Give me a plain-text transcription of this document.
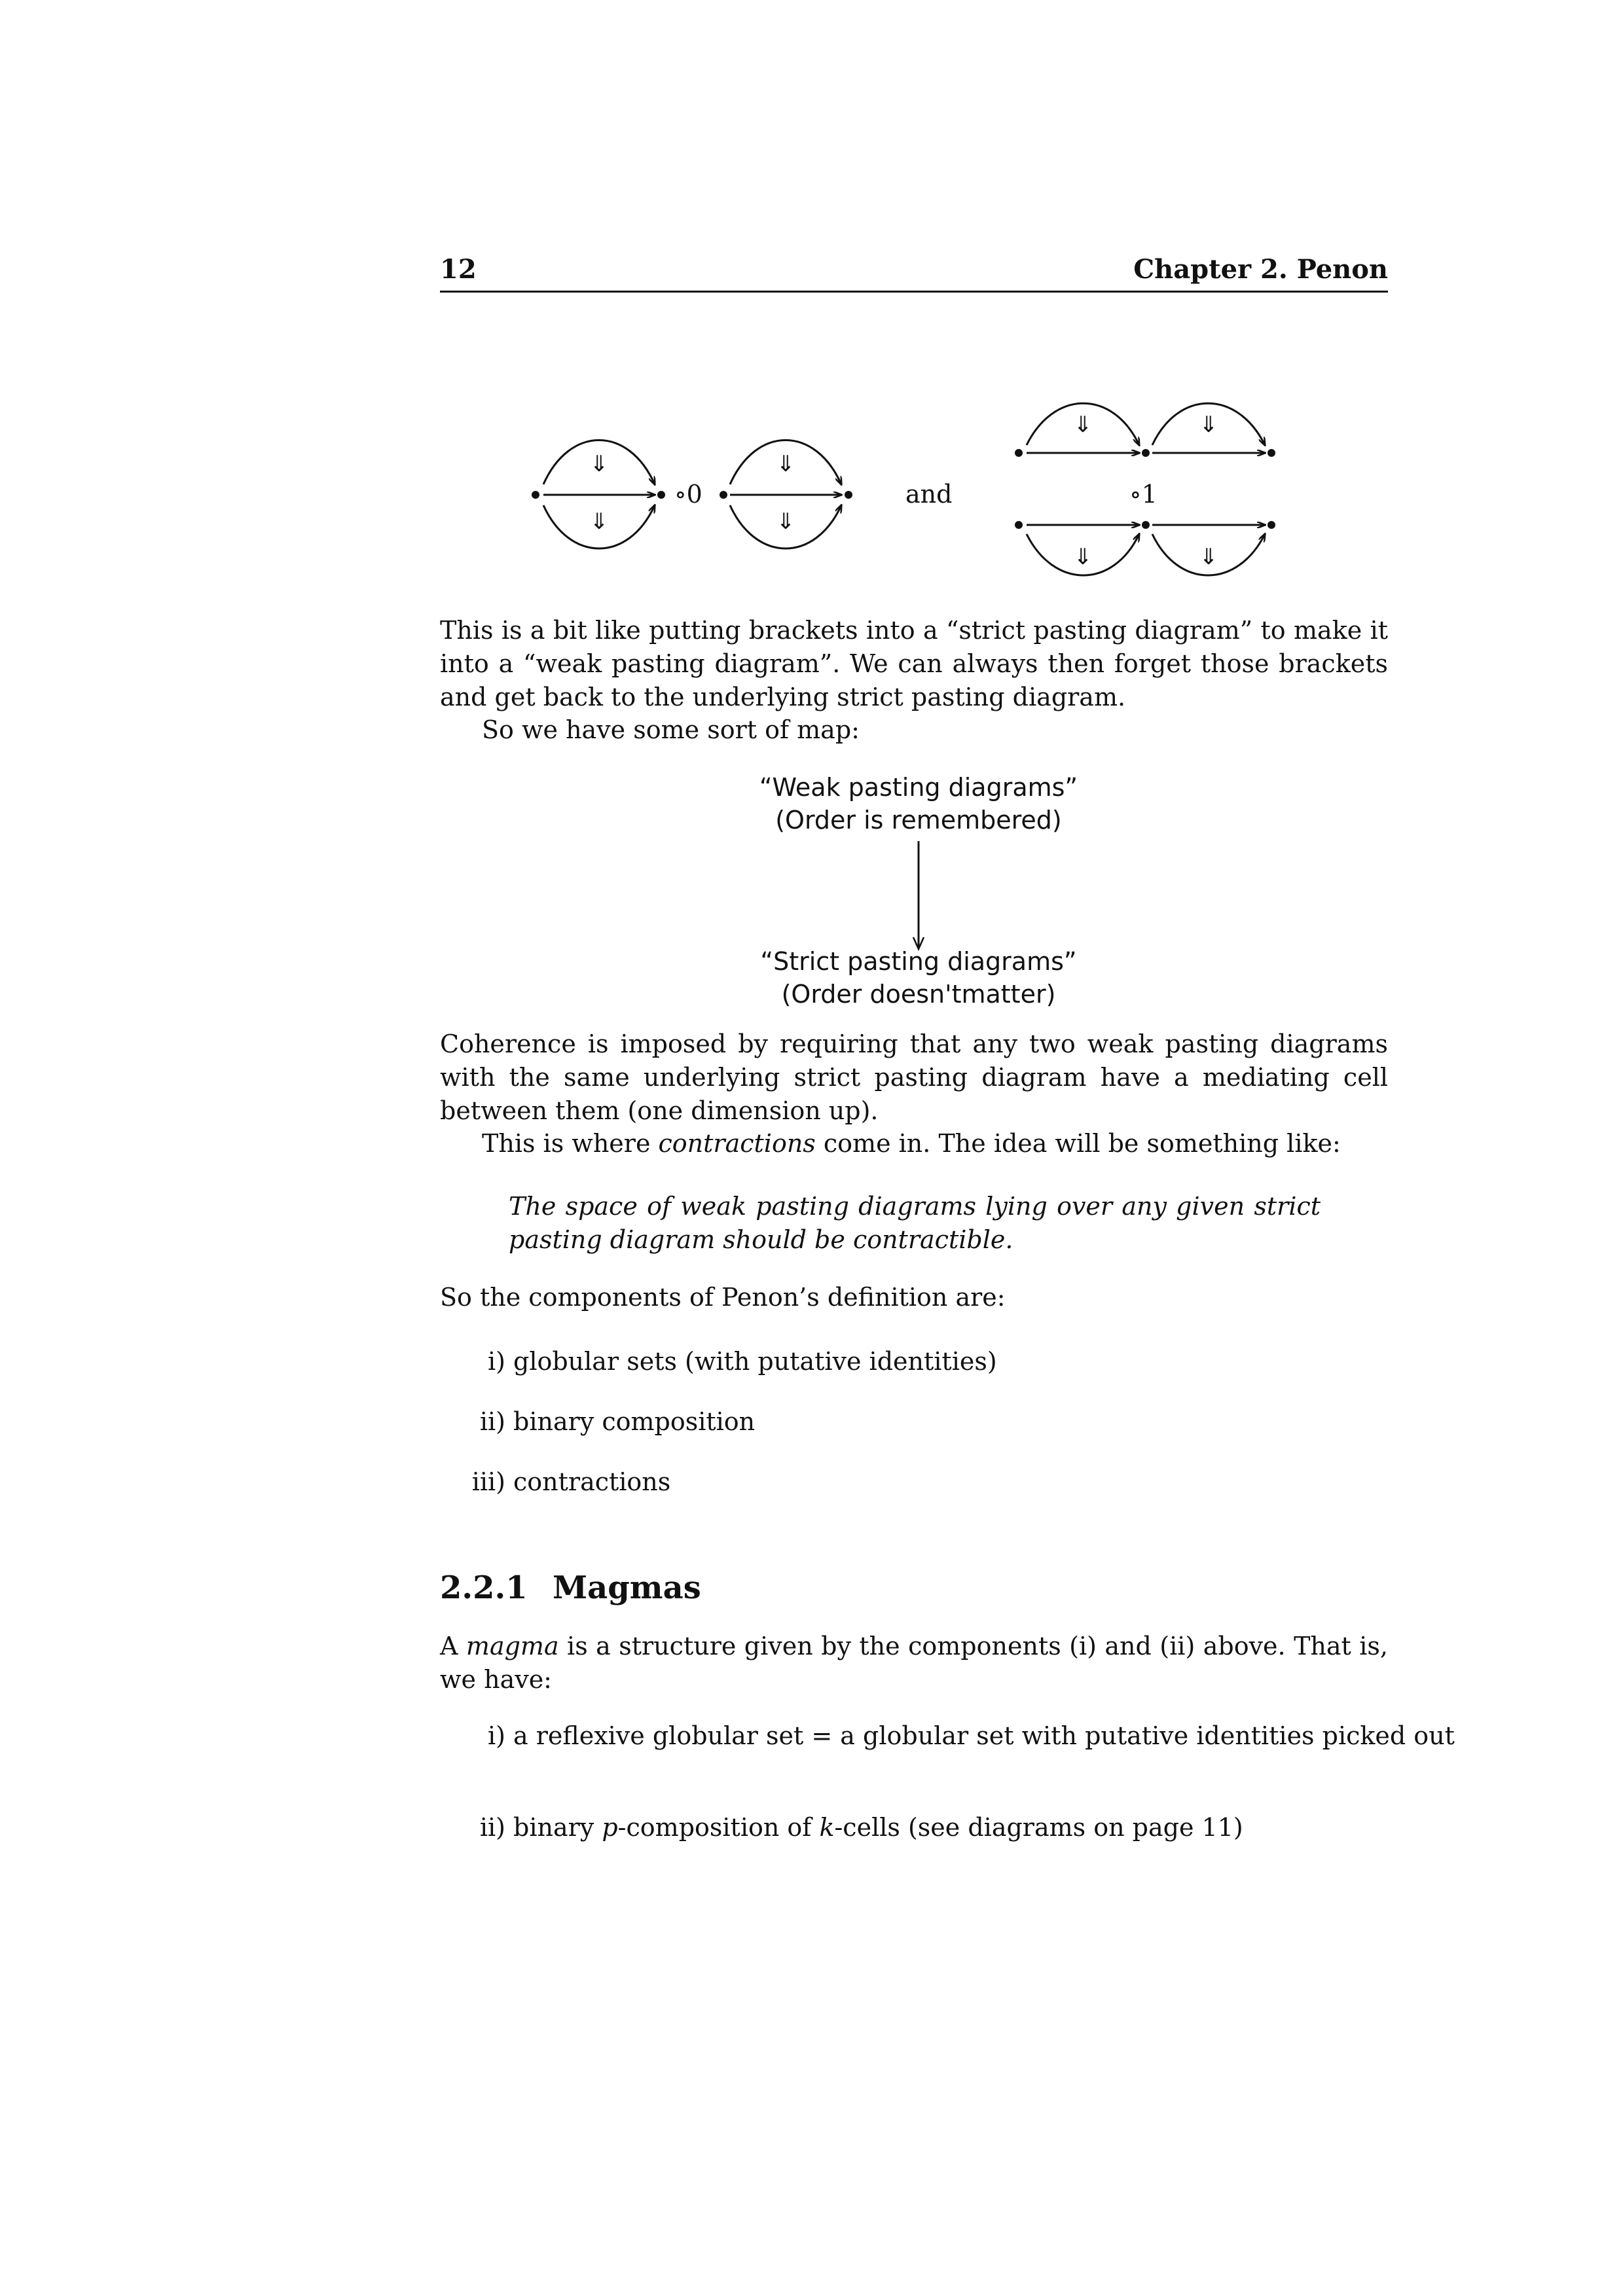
12	Chapter 2. Penon
⇓
⇓
⇓
⇓
⇓	⇓
⇓	⇓
∘0	and	∘1
This is a bit like putting brackets into a “strict pasting diagram” to make it into a “weak pasting diagram”. We can always then forget those brackets and get back to the underlying strict pasting diagram.
So we have some sort of map:
“Weak pasting diagrams”
(Order is remembered)
“Strict pasting diagrams”
(Order doesn'tmatter)
Coherence is imposed by requiring that any two weak pasting diagrams with the same underlying strict pasting diagram have a mediating cell between them (one dimension up).
This is where contractions come in. The idea will be something like:
The space of weak pasting diagrams lying over any given strict pasting diagram should be contractible.
So the components of Penon’s definition are:
i) globular sets (with putative identities)
ii) binary composition
iii) contractions
2.2.1 Magmas
A magma is a structure given by the components (i) and (ii) above. That is, we have:
i) a reflexive globular set = a globular set with putative identities picked out
ii) binary p-composition of k-cells (see diagrams on page 11)
